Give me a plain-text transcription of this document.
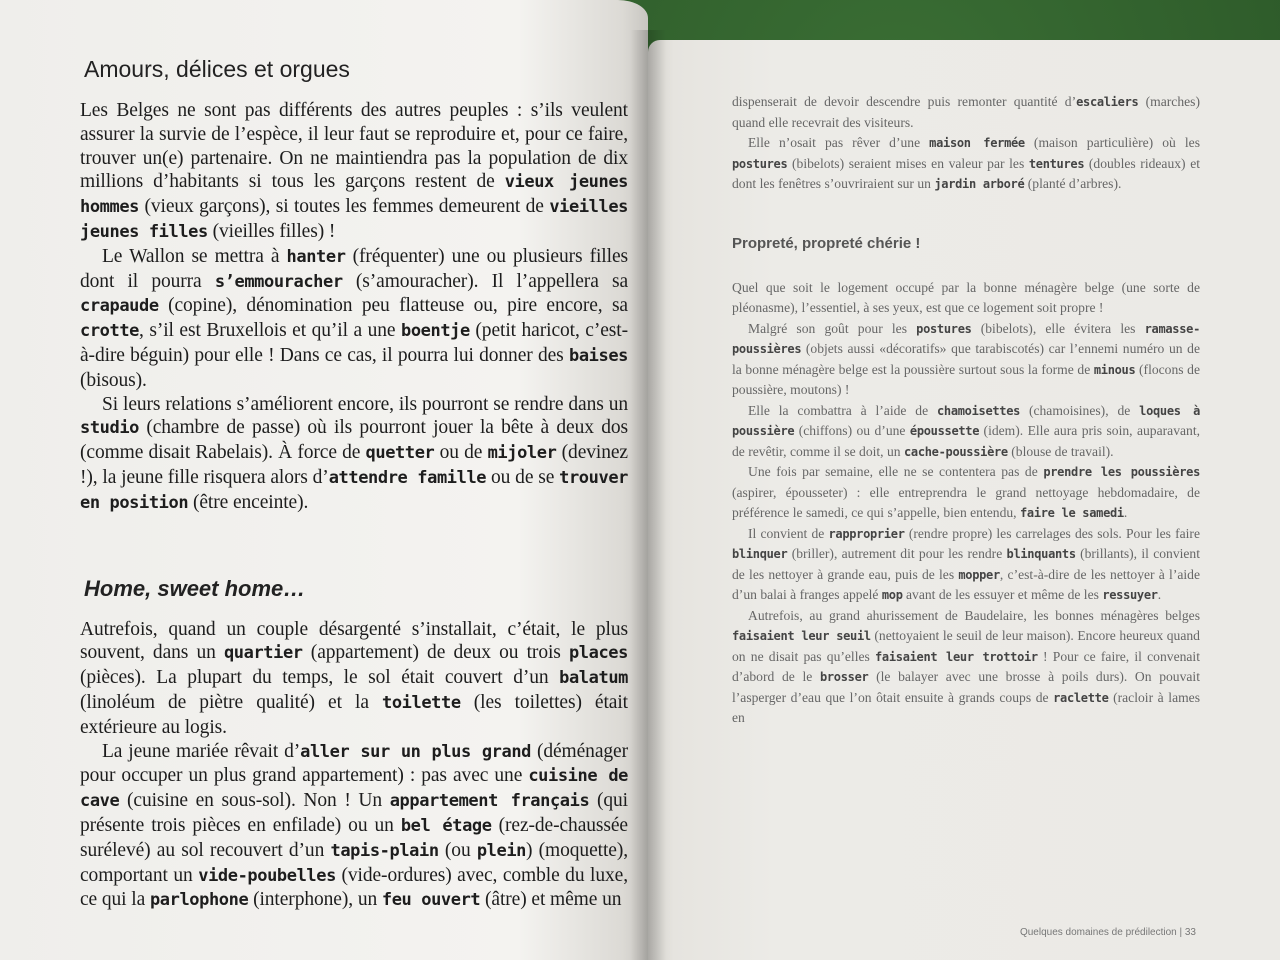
Amours, délices et orgues

Les Belges ne sont pas différents des autres peuples : s’ils veulent assurer la survie de l’espèce, il leur faut se reproduire et, pour ce faire, trouver un(e) partenaire. On ne maintiendra pas la population de dix millions d’habitants si tous les garçons restent de vieux jeunes hommes (vieux garçons), si toutes les femmes demeurent de vieilles jeunes filles (vieilles filles) !

Le Wallon se mettra à hanter (fréquenter) une ou plusieurs filles dont il pourra s’emmouracher (s’amouracher). Il l’appellera sa crapaude (copine), dénomination peu flatteuse ou, pire encore, sa crotte, s’il est Bruxellois et qu’il a une boentje (petit haricot, c’est-à-dire béguin) pour elle ! Dans ce cas, il pourra lui donner des baises (bisous).

Si leurs relations s’améliorent encore, ils pourront se rendre dans un studio (chambre de passe) où ils pourront jouer la bête à deux dos (comme disait Rabelais). À force de quetter ou de mijoler (devinez !), la jeune fille risquera alors d’attendre famille ou de se trouver en position (être enceinte).

Home, sweet home…

Autrefois, quand un couple désargenté s’installait, c’était, le plus souvent, dans un quartier (appartement) de deux ou trois places (pièces). La plupart du temps, le sol était couvert d’un balatum (linoléum de piètre qualité) et la toilette (les toilettes) était extérieure au logis.

La jeune mariée rêvait d’aller sur un plus grand (déménager pour occuper un plus grand appartement) : pas avec une cuisine de cave (cuisine en sous-sol). Non ! Un appartement français (qui présente trois pièces en enfilade) ou un bel étage (rez-de-chaussée surélevé) au sol recouvert d’un tapis-plain (ou plein) (moquette), comportant un vide-poubelles (vide-ordures) avec, comble du luxe, ce qui la parlophone (interphone), un feu ouvert (âtre) et même un

dispenserait de devoir descendre puis remonter quantité d’escaliers (marches) quand elle recevrait des visiteurs.

Elle n’osait pas rêver d’une maison fermée (maison particulière) où les postures (bibelots) seraient mises en valeur par les tentures (doubles rideaux) et dont les fenêtres s’ouvriraient sur un jardin arboré (planté d’arbres).

Propreté, propreté chérie !

Quel que soit le logement occupé par la bonne ménagère belge (une sorte de pléonasme), l’essentiel, à ses yeux, est que ce logement soit propre !

Malgré son goût pour les postures (bibelots), elle évitera les ramasse-poussières (objets aussi «décoratifs» que tarabiscotés) car l’ennemi numéro un de la bonne ménagère belge est la poussière surtout sous la forme de minous (flocons de poussière, moutons) !

Elle la combattra à l’aide de chamoisettes (chamoisines), de loques à poussière (chiffons) ou d’une époussette (idem). Elle aura pris soin, auparavant, de revêtir, comme il se doit, un cache-poussière (blouse de travail).

Une fois par semaine, elle ne se contentera pas de prendre les poussières (aspirer, épousseter) : elle entreprendra le grand nettoyage hebdomadaire, de préférence le samedi, ce qui s’appelle, bien entendu, faire le samedi.

Il convient de rapproprier (rendre propre) les carrelages des sols. Pour les faire blinquer (briller), autrement dit pour les rendre blinquants (brillants), il convient de les nettoyer à grande eau, puis de les mopper, c’est-à-dire de les nettoyer à l’aide d’un balai à franges appelé mop avant de les essuyer et même de les ressuyer.

Autrefois, au grand ahurissement de Baudelaire, les bonnes ménagères belges faisaient leur seuil (nettoyaient le seuil de leur maison). Encore heureux quand on ne disait pas qu’elles faisaient leur trottoir ! Pour ce faire, il convenait d’abord de le brosser (le balayer avec une brosse à poils durs). On pouvait l’asperger d’eau que l’on ôtait ensuite à grands coups de raclette (racloir à lames en

Quelques domaines de prédilection | 33
